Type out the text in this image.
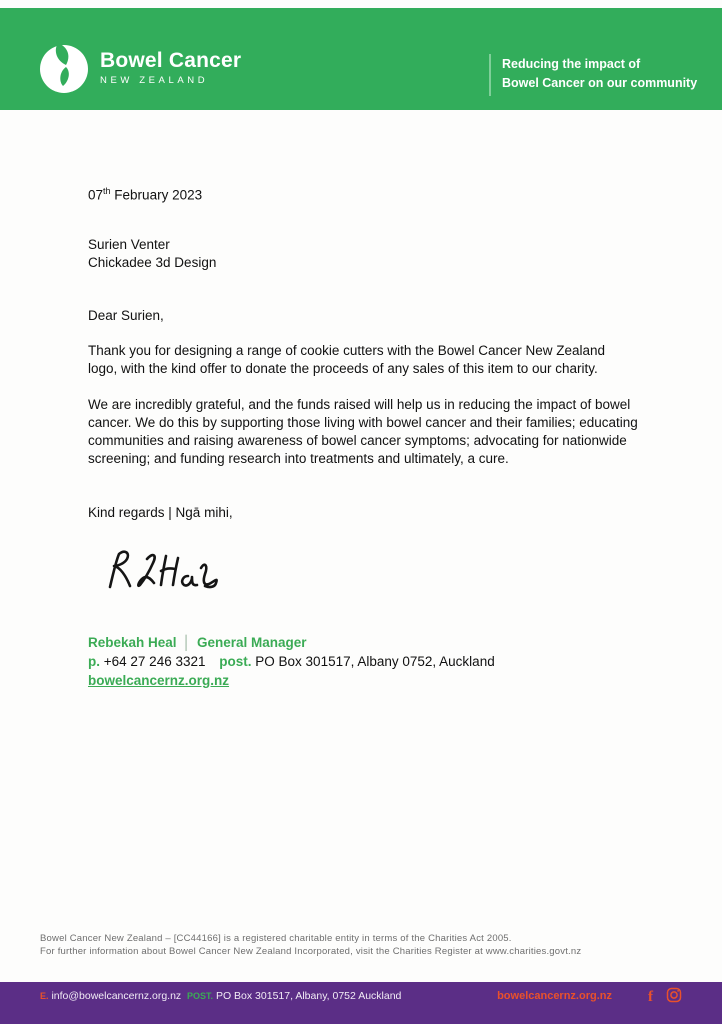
Bowel Cancer
NEW ZEALAND
Reducing the impact of
Bowel Cancer on our community
07th February 2023
Surien Venter
Chickadee 3d Design
Dear Surien,
Thank you for designing a range of cookie cutters with the Bowel Cancer New Zealand logo, with the kind offer to donate the proceeds of any sales of this item to our charity.
We are incredibly grateful, and the funds raised will help us in reducing the impact of bowel cancer. We do this by supporting those living with bowel cancer and their families; educating communities and raising awareness of bowel cancer symptoms; advocating for nationwide screening; and funding research into treatments and ultimately, a cure.
Kind regards | Ngā mihi,
Rebekah Heal │ General Manager
p. +64 27 246 3321 post. PO Box 301517, Albany 0752, Auckland
bowelcancernz.org.nz
Bowel Cancer New Zealand – [CC44166] is a registered charitable entity in terms of the Charities Act 2005.
For further information about Bowel Cancer New Zealand Incorporated, visit the Charities Register at www.charities.govt.nz
E. info@bowelcancernz.org.nz POST. PO Box 301517, Albany, 0752 Auckland	bowelcancernz.org.nz f
